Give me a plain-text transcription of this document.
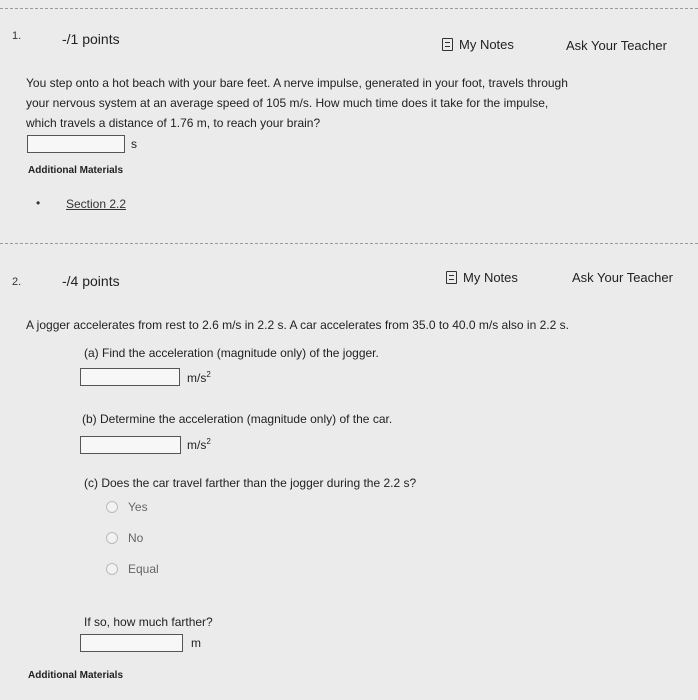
1.	-/1 points	My Notes	Ask Your Teacher
You step onto a hot beach with your bare feet. A nerve impulse, generated in your foot, travels through
your nervous system at an average speed of 105 m/s. How much time does it take for the impulse,
which travels a distance of 1.76 m, to reach your brain?
s
Additional Materials
• Section 2.2
2.	-/4 points	My Notes	Ask Your Teacher
A jogger accelerates from rest to 2.6 m/s in 2.2 s. A car accelerates from 35.0 to 40.0 m/s also in 2.2 s.
(a) Find the acceleration (magnitude only) of the jogger.
$m/s^2$
(b) Determine the acceleration (magnitude only) of the car.
$m/s^2$
(c) Does the car travel farther than the jogger during the 2.2 s?
Yes
No
Equal
If so, how much farther?
m
Additional Materials
